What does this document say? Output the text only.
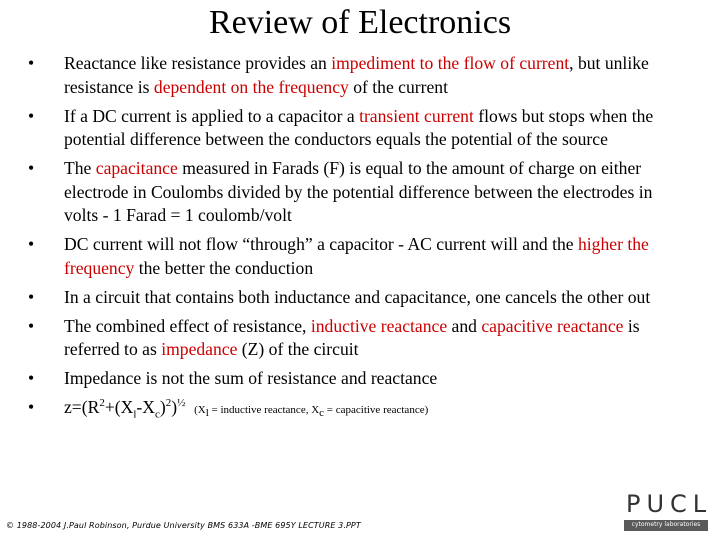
Review of Electronics
• Reactance like resistance provides an impediment to the flow of current, but unlike resistance is dependent on the frequency of the current
• If a DC current is applied to a capacitor a transient current flows but stops when the potential difference between the conductors equals the potential of the source
• The capacitance measured in Farads (F) is equal to the amount of charge on either electrode in Coulombs divided by the potential difference between the electrodes in volts - 1 Farad = 1 coulomb/volt
• DC current will not flow “through” a capacitor - AC current will and the higher the frequency the better the conduction
• In a circuit that contains both inductance and capacitance, one cancels the other out
• The combined effect of resistance, inductive reactance and capacitive reactance is referred to as impedance (Z) of the circuit
• Impedance is not the sum of resistance and reactance
• $z=(R^2+(X_l-X_c)^2)^{\frac{1}{2}}$  ($X_l$ = inductive reactance, $X_c$ = capacitive reactance)
© 1988-2004 J.Paul Robinson, Purdue University BMS 633A -BME 695Y LECTURE 3.PPT
PUCL
cytometry laboratories
